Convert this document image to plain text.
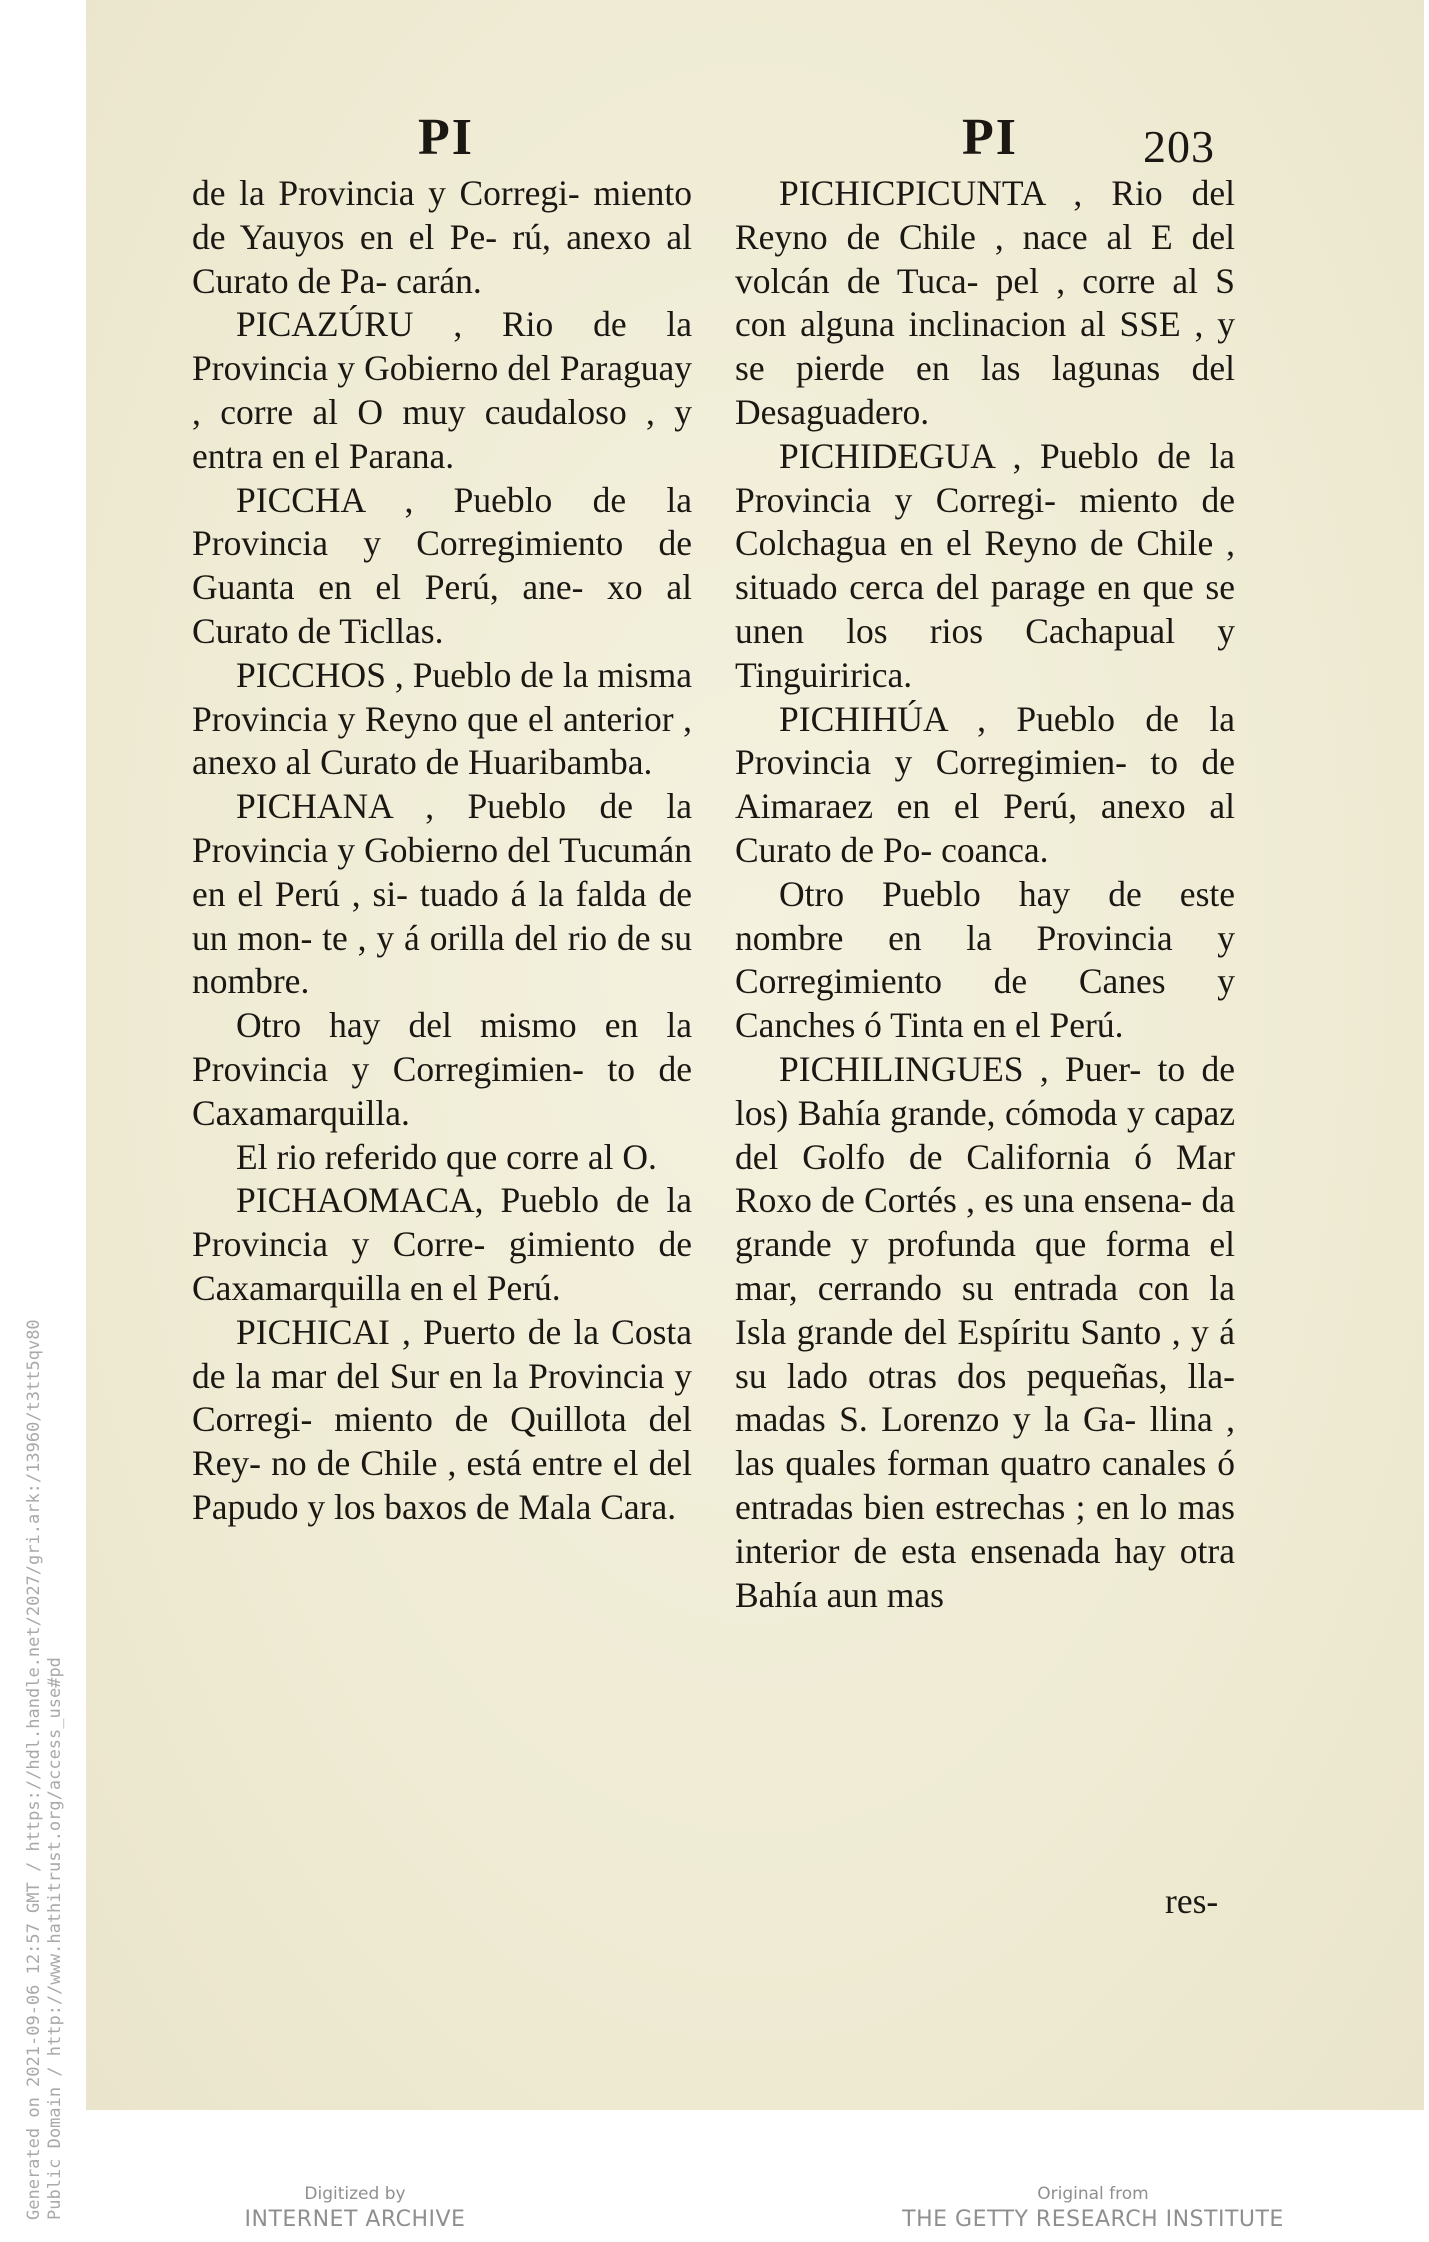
PI	PI	203

de la Provincia y Corregi- miento de Yauyos en el Pe- rú, anexo al Curato de Pa- carán.

PICAZÚRU , Rio de la Provincia y Gobierno del Paraguay , corre al O muy caudaloso , y entra en el Parana.

PICCHA , Pueblo de la Provincia y Corregimiento de Guanta en el Perú, ane- xo al Curato de Ticllas.

PICCHOS , Pueblo de la misma Provincia y Reyno que el anterior , anexo al Curato de Huaribamba.

PICHANA , Pueblo de la Provincia y Gobierno del Tucumán en el Perú , si- tuado á la falda de un mon- te , y á orilla del rio de su nombre.

Otro hay del mismo en la Provincia y Corregimien- to de Caxamarquilla.

El rio referido que corre al O.

PICHAOMACA, Pueblo de la Provincia y Corre- gimiento de Caxamarquilla en el Perú.

PICHICAI , Puerto de la Costa de la mar del Sur en la Provincia y Corregi- miento de Quillota del Rey- no de Chile , está entre el del Papudo y los baxos de Mala Cara.

PICHICPICUNTA , Rio del Reyno de Chile , nace al E del volcán de Tuca- pel , corre al S con alguna inclinacion al SSE , y se pierde en las lagunas del Desaguadero.

PICHIDEGUA , Pueblo de la Provincia y Corregi- miento de Colchagua en el Reyno de Chile , situado cerca del parage en que se unen los rios Cachapual y Tinguiririca.

PICHIHÚA , Pueblo de la Provincia y Corregimien- to de Aimaraez en el Perú, anexo al Curato de Po- coanca.

Otro Pueblo hay de este nombre en la Provincia y Corregimiento de Canes y Canches ó Tinta en el Perú.

PICHILINGUES , Puer- to de los) Bahía grande, cómoda y capaz del Golfo de California ó Mar Roxo de Cortés , es una ensena- da grande y profunda que forma el mar, cerrando su entrada con la Isla grande del Espíritu Santo , y á su lado otras dos pequeñas, lla- madas S. Lorenzo y la Ga- llina , las quales forman quatro canales ó entradas bien estrechas ; en lo mas interior de esta ensenada hay otra Bahía aun mas

res-
Generated on 2021-09-06 12:57 GMT / https://hdl.handle.net/2027/gri.ark:/13960/t3tt5qv80 Public Domain / http://www.hathitrust.org/access_use#pd	Digitized by
INTERNET ARCHIVE
Original from
THE GETTY RESEARCH INSTITUTE
